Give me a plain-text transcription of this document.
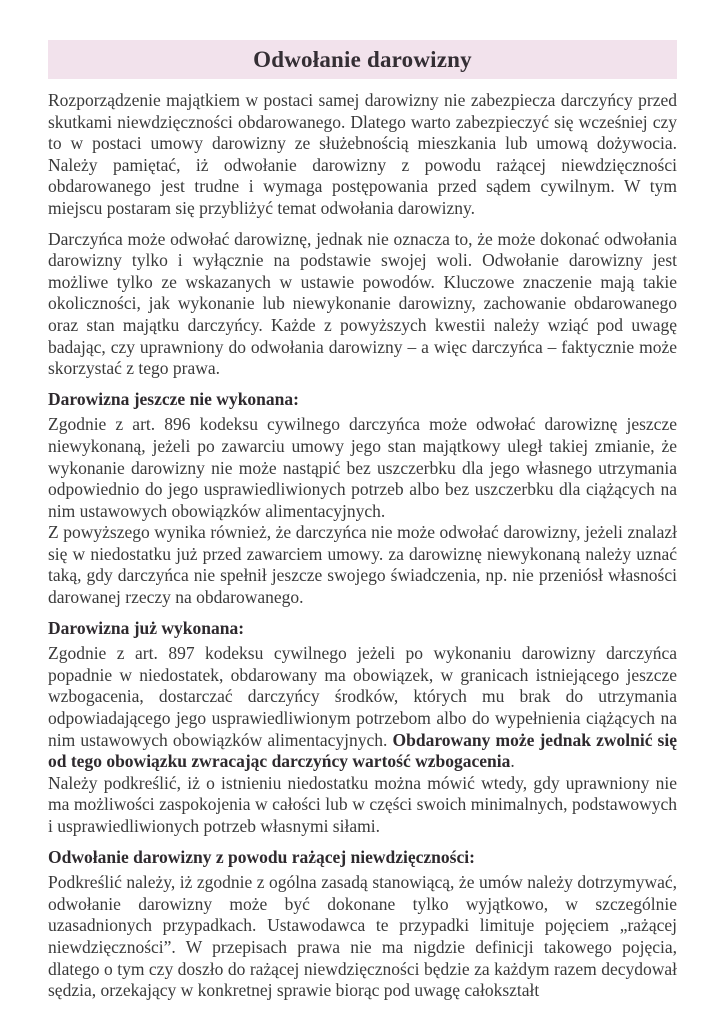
Odwołanie darowizny

Rozporządzenie majątkiem w postaci samej darowizny nie zabezpiecza darczyńcy przed skutkami niewdzięczności obdarowanego. Dlatego warto zabezpieczyć się wcześniej czy to w postaci umowy darowizny ze służebnością mieszkania lub umową dożywocia. Należy pamiętać, iż odwołanie darowizny z powodu rażącej niewdzięczności obdarowanego jest trudne i wymaga postępowania przed sądem cywilnym. W tym miejscu postaram się przybliżyć temat odwołania darowizny.

Darczyńca może odwołać darowiznę, jednak nie oznacza to, że może dokonać odwołania darowizny tylko i wyłącznie na podstawie swojej woli. Odwołanie darowizny jest możliwe tylko ze wskazanych w ustawie powodów. Kluczowe znaczenie mają takie okoliczności, jak wykonanie lub niewykonanie darowizny, zachowanie obdarowanego oraz stan majątku darczyńcy. Każde z powyższych kwestii należy wziąć pod uwagę badając, czy uprawniony do odwołania darowizny – a więc darczyńca – faktycznie może skorzystać z tego prawa.

Darowizna jeszcze nie wykonana:

Zgodnie z art. 896 kodeksu cywilnego darczyńca może odwołać darowiznę jeszcze niewykonaną, jeżeli po zawarciu umowy jego stan majątkowy uległ takiej zmianie, że wykonanie darowizny nie może nastąpić bez uszczerbku dla jego własnego utrzymania odpowiednio do jego usprawiedliwionych potrzeb albo bez uszczerbku dla ciążących na nim ustawowych obowiązków alimentacyjnych.

Z powyższego wynika również, że darczyńca nie może odwołać darowizny, jeżeli znalazł się w niedostatku już przed zawarciem umowy. za darowiznę niewykonaną należy uznać taką, gdy darczyńca nie spełnił jeszcze swojego świadczenia, np. nie przeniósł własności darowanej rzeczy na obdarowanego.

Darowizna już wykonana:

Zgodnie z art. 897 kodeksu cywilnego jeżeli po wykonaniu darowizny darczyńca popadnie w niedostatek, obdarowany ma obowiązek, w granicach istniejącego jeszcze wzbogacenia, dostarczać darczyńcy środków, których mu brak do utrzymania odpowiadającego jego usprawiedliwionym potrzebom albo do wypełnienia ciążących na nim ustawowych obowiązków alimentacyjnych. Obdarowany może jednak zwolnić się od tego obowiązku zwracając darczyńcy wartość wzbogacenia.

Należy podkreślić, iż o istnieniu niedostatku można mówić wtedy, gdy uprawniony nie ma możliwości zaspokojenia w całości lub w części swoich minimalnych, podstawowych i usprawiedliwionych potrzeb własnymi siłami.

Odwołanie darowizny z powodu rażącej niewdzięczności:

Podkreślić należy, iż zgodnie z ogólna zasadą stanowiącą, że umów należy dotrzymywać, odwołanie darowizny może być dokonane tylko wyjątkowo, w szczególnie uzasadnionych przypadkach. Ustawodawca te przypadki limituje pojęciem „rażącej niewdzięczności”. W przepisach prawa nie ma nigdzie definicji takowego pojęcia, dlatego o tym czy doszło do rażącej niewdzięczności będzie za każdym razem decydował sędzia, orzekający w konkretnej sprawie biorąc pod uwagę całokształt
